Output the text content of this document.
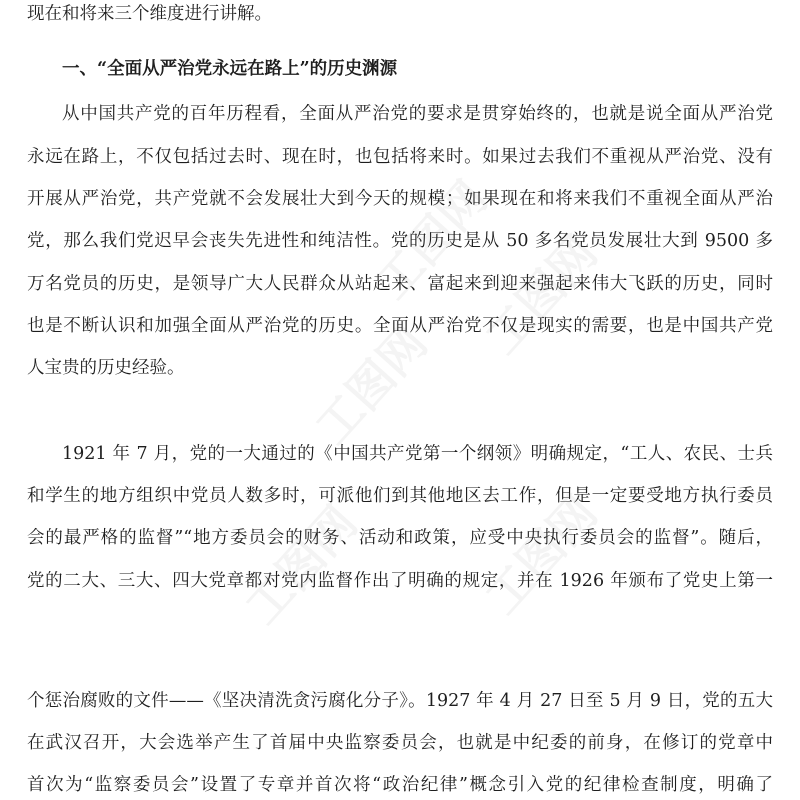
现在和将来三个维度进行讲解。
一、“全面从严治党永远在路上”的历史渊源
从中国共产党的百年历程看，全面从严治党的要求是贯穿始终的，也就是说全面从严治党
永远在路上，不仅包括过去时、现在时，也包括将来时。如果过去我们不重视从严治党、没有
开展从严治党，共产党就不会发展壮大到今天的规模；如果现在和将来我们不重视全面从严治
党，那么我们党迟早会丧失先进性和纯洁性。党的历史是从 50 多名党员发展壮大到 9500 多
万名党员的历史，是领导广大人民群众从站起来、富起来到迎来强起来伟大飞跃的历史，同时
也是不断认识和加强全面从严治党的历史。全面从严治党不仅是现实的需要，也是中国共产党
人宝贵的历史经验。
1921 年 7 月，党的一大通过的《中国共产党第一个纲领》明确规定，“工人、农民、士兵
和学生的地方组织中党员人数多时，可派他们到其他地区去工作，但是一定要受地方执行委员
会的最严格的监督”“地方委员会的财务、活动和政策，应受中央执行委员会的监督”。随后，
党的二大、三大、四大党章都对党内监督作出了明确的规定，并在 1926 年颁布了党史上第一
个惩治腐败的文件——《坚决清洗贪污腐化分子》。1927 年 4 月 27 日至 5 月 9 日，党的五大
在武汉召开，大会选举产生了首届中央监察委员会，也就是中纪委的前身，在修订的党章中
首次为“监察委员会”设置了专章并首次将“政治纪律”概念引入党的纪律检查制度，明确了
工图网
工图网
工图网
工图网 工图网
